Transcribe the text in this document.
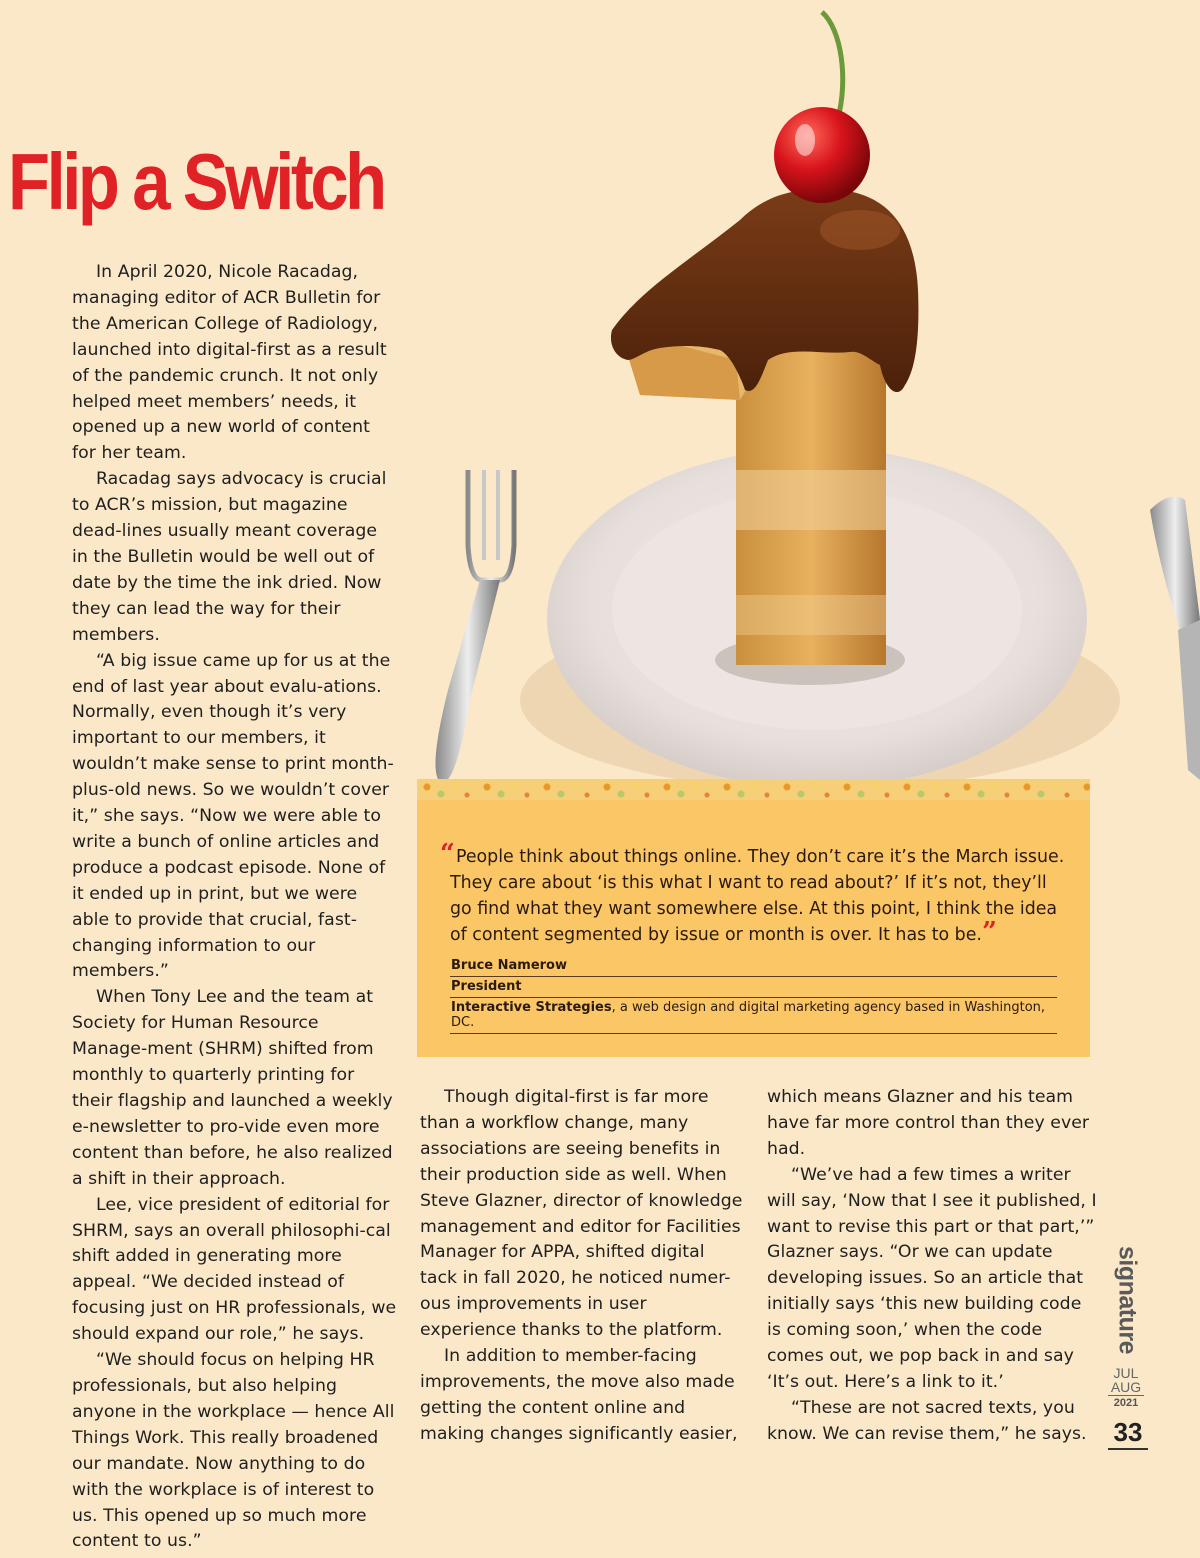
Flip a Switch

In April 2020, Nicole Racadag, managing editor of ACR Bulletin for the American College of Radiology, launched into digital-first as a result of the pandemic crunch. It not only helped meet members’ needs, it opened up a new world of content for her team.

Racadag says advocacy is crucial to ACR’s mission, but magazine dead-lines usually meant coverage in the Bulletin would be well out of date by the time the ink dried. Now they can lead the way for their members.

“A big issue came up for us at the end of last year about evalu-ations. Normally, even though it’s very important to our members, it wouldn’t make sense to print month-plus-old news. So we wouldn’t cover it,” she says. “Now we were able to write a bunch of online articles and produce a podcast episode. None of it ended up in print, but we were able to provide that crucial, fast-changing information to our members.”

When Tony Lee and the team at Society for Human Resource Manage-ment (SHRM) shifted from monthly to quarterly printing for their flagship and launched a weekly e-newsletter to pro-vide even more content than before, he also realized a shift in their approach.

Lee, vice president of editorial for SHRM, says an overall philosophi-cal shift added in generating more appeal. “We decided instead of focusing just on HR professionals, we should expand our role,” he says.

“We should focus on helping HR professionals, but also helping anyone in the workplace — hence All Things Work. This really broadened our mandate. Now anything to do with the workplace is of interest to us. This opened up so much more content to us.”

“People think about things online. They don’t care it’s the March issue. They care about ‘is this what I want to read about?’ If it’s not, they’ll go find what they want somewhere else. At this point, I think the idea of content segmented by issue or month is over. It has to be.”

Bruce Namerow
President
Interactive Strategies, a web design and digital marketing agency based in Washington, DC.

Though digital-first is far more than a workflow change, many associations are seeing benefits in their production side as well. When Steve Glazner, director of knowledge management and editor for Facilities Manager for APPA, shifted digital tack in fall 2020, he noticed numer-ous improvements in user experience thanks to the platform.

In addition to member-facing improvements, the move also made getting the content online and making changes significantly easier,

which means Glazner and his team have far more control than they ever had.

“We’ve had a few times a writer will say, ‘Now that I see it published, I want to revise this part or that part,’” Glazner says. “Or we can update developing issues. So an article that initially says ‘this new building code is coming soon,’ when the code comes out, we pop back in and say ‘It’s out. Here’s a link to it.’

“These are not sacred texts, you know. We can revise them,” he says.

signature
JUL
AUG
2021
33
